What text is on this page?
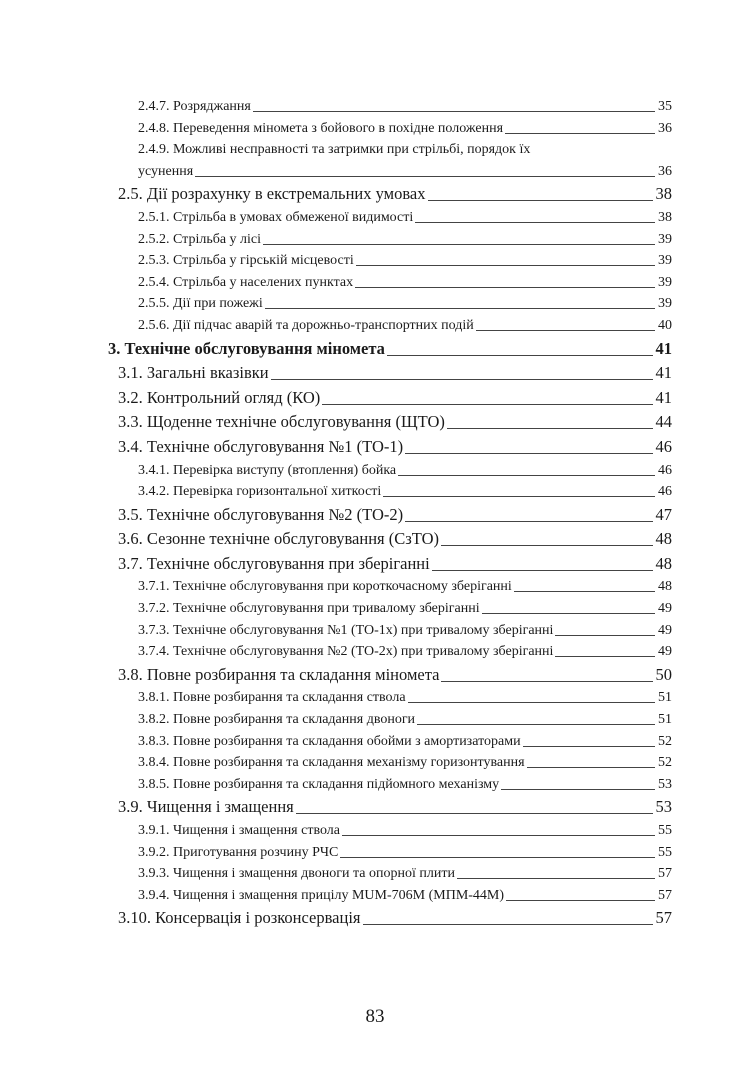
2.4.7. Розряджання	35
2.4.8. Переведення міномета з бойового в похідне положення	36
2.4.9. Можливі несправності та затримки при стрільбі, порядок їх
усунення	36
2.5. Дії розрахунку в екстремальних умовах	38
2.5.1. Стрільба в умовах обмеженої видимості	38
2.5.2. Стрільба у лісі	39
2.5.3. Стрільба у гірській місцевості	39
2.5.4. Стрільба у населених пунктах	39
2.5.5. Дії при пожежі	39
2.5.6. Дії підчас аварій та дорожньо-транспортних подій	40
3. Технічне обслуговування міномета	41
3.1. Загальні вказівки	41
3.2. Контрольний огляд (КО)	41
3.3. Щоденне технічне обслуговування (ЩТО)	44
3.4. Технічне обслуговування №1 (ТО-1)	46
3.4.1. Перевірка виступу (втоплення) бойка	46
3.4.2. Перевірка горизонтальної хиткості	46
3.5. Технічне обслуговування №2 (ТО-2)	47
3.6. Сезонне технічне обслуговування (СзТО)	48
3.7. Технічне обслуговування при зберіганні	48
3.7.1. Технічне обслуговування при короткочасному зберіганні	48
3.7.2. Технічне обслуговування при тривалому зберіганні	49
3.7.3. Технічне обслуговування №1 (ТО-1х) при тривалому зберіганні	49
3.7.4. Технічне обслуговування №2 (ТО-2х) при тривалому зберіганні	49
3.8. Повне розбирання та складання міномета	50
3.8.1. Повне розбирання та складання ствола	51
3.8.2. Повне розбирання та складання двоноги	51
3.8.3. Повне розбирання та складання обойми з амортизаторами	52
3.8.4. Повне розбирання та складання механізму горизонтування	52
3.8.5. Повне розбирання та складання підйомного механізму	53
3.9. Чищення і змащення	53
3.9.1. Чищення і змащення ствола	55
3.9.2. Приготування розчину РЧС	55
3.9.3. Чищення і змащення двоноги та опорної плити	57
3.9.4. Чищення і змащення прицілу МUМ-706М (МПМ-44М)	57
3.10. Консервація і розконсервація	57
83
